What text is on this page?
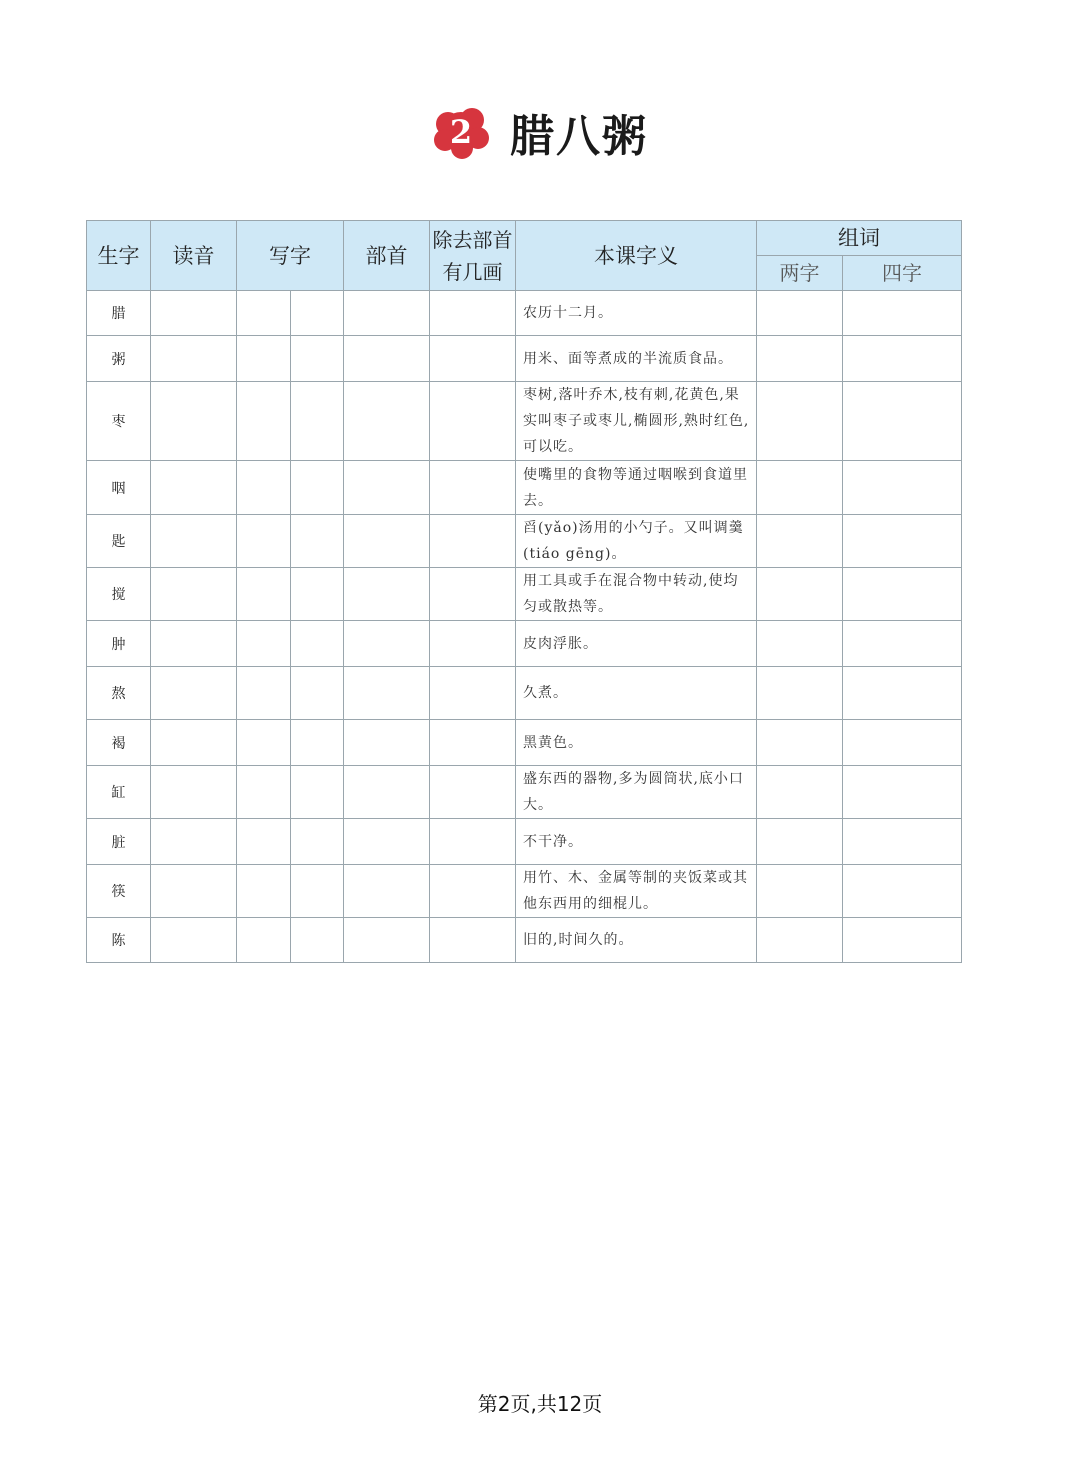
2 腊八粥
生字	读音	写字		部首	除去部首
有几画	本课字义	组词	
							两字	四字
腊						农历十二月。		
粥						用米、面等煮成的半流质食品。		
枣						枣树,落叶乔木,枝有刺,花黄色,果实叫枣子或枣儿,椭圆形,熟时红色,可以吃。		
咽						使嘴里的食物等通过咽喉到食道里去。		
匙						舀(yǎo)汤用的小勺子。又叫调羹(tiáo gēng)。		
搅						用工具或手在混合物中转动,使均匀或散热等。		
肿						皮肉浮胀。		
熬						久煮。		
褐						黑黄色。		
缸						盛东西的器物,多为圆筒状,底小口大。		
脏						不干净。		
筷						用竹、木、金属等制的夹饭菜或其他东西用的细棍儿。		
陈						旧的,时间久的。		
第2页,共12页
